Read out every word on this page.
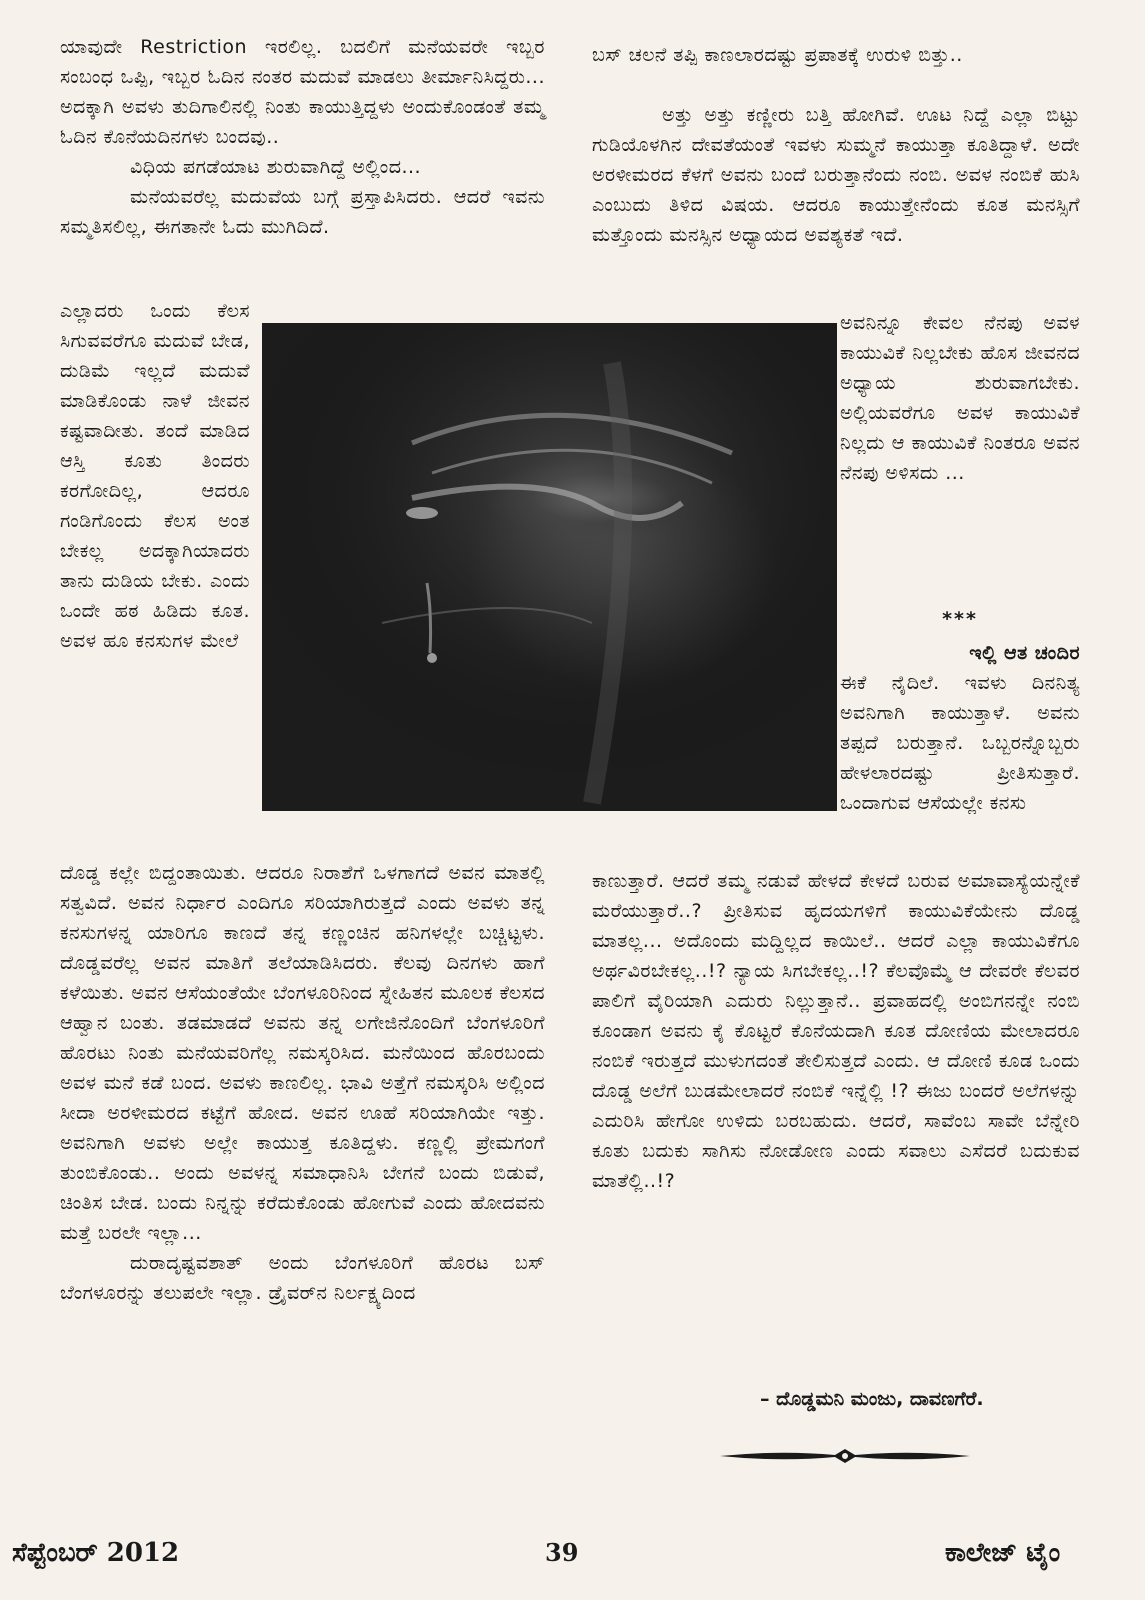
ಯಾವುದೇ Restriction ಇರಲಿಲ್ಲ. ಬದಲಿಗೆ ಮನೆಯವರೇ ಇಬ್ಬರ ಸಂಬಂಧ ಒಪ್ಪಿ, ಇಬ್ಬರ ಓದಿನ ನಂತರ ಮದುವೆ ಮಾಡಲು ತೀರ್ಮಾನಿಸಿದ್ದರು... ಅದಕ್ಕಾಗಿ ಅವಳು ತುದಿಗಾಲಿನಲ್ಲಿ ನಿಂತು ಕಾಯುತ್ತಿದ್ದಳು ಅಂದುಕೊಂಡಂತೆ ತಮ್ಮ ಓದಿನ ಕೊನೆಯದಿನಗಳು ಬಂದವು..

ವಿಧಿಯ ಪಗಡೆಯಾಟ ಶುರುವಾಗಿದ್ದೆ ಅಲ್ಲಿಂದ...

ಮನೆಯವರೆಲ್ಲ ಮದುವೆಯ ಬಗ್ಗೆ ಪ್ರಸ್ತಾಪಿಸಿದರು. ಆದರೆ ಇವನು ಸಮ್ಮತಿಸಲಿಲ್ಲ, ಈಗತಾನೇ ಓದು ಮುಗಿದಿದೆ.

ಎಲ್ಲಾದರು ಒಂದು ಕೆಲಸ ಸಿಗುವವರೆಗೂ ಮದುವೆ ಬೇಡ, ದುಡಿಮೆ ಇಲ್ಲದೆ ಮದುವೆ ಮಾಡಿಕೊಂಡು ನಾಳೆ ಜೀವನ ಕಷ್ಟವಾದೀತು. ತಂದೆ ಮಾಡಿದ ಆಸ್ತಿ ಕೂತು ತಿಂದರು ಕರಗೋದಿಲ್ಲ, ಆದರೂ ಗಂಡಿಗೊಂದು ಕೆಲಸ ಅಂತ ಬೇಕಲ್ಲ ಅದಕ್ಕಾಗಿಯಾದರು ತಾನು ದುಡಿಯ ಬೇಕು. ಎಂದು ಒಂದೇ ಹಠ ಹಿಡಿದು ಕೂತ. ಅವಳ ಹೂ ಕನಸುಗಳ ಮೇಲೆ

ದೊಡ್ಡ ಕಲ್ಲೇ ಬಿದ್ದಂತಾಯಿತು. ಆದರೂ ನಿರಾಶೆಗೆ ಒಳಗಾಗದೆ ಅವನ ಮಾತಲ್ಲಿ ಸತ್ವವಿದೆ. ಅವನ ನಿರ್ಧಾರ ಎಂದಿಗೂ ಸರಿಯಾಗಿರುತ್ತದೆ ಎಂದು ಅವಳು ತನ್ನ ಕನಸುಗಳನ್ನ ಯಾರಿಗೂ ಕಾಣದೆ ತನ್ನ ಕಣ್ಣಂಚಿನ ಹನಿಗಳಲ್ಲೇ ಬಚ್ಚಿಟ್ಟಳು. ದೊಡ್ಡವರೆಲ್ಲ ಅವನ ಮಾತಿಗೆ ತಲೆಯಾಡಿಸಿದರು. ಕೆಲವು ದಿನಗಳು ಹಾಗೆ ಕಳೆಯಿತು. ಅವನ ಆಸೆಯಂತೆಯೇ ಬೆಂಗಳೂರಿನಿಂದ ಸ್ನೇಹಿತನ ಮೂಲಕ ಕೆಲಸದ ಆಹ್ವಾನ ಬಂತು. ತಡಮಾಡದೆ ಅವನು ತನ್ನ ಲಗೇಜಿನೊಂದಿಗೆ ಬೆಂಗಳೂರಿಗೆ ಹೊರಟು ನಿಂತು ಮನೆಯವರಿಗೆಲ್ಲ ನಮಸ್ಕರಿಸಿದ. ಮನೆಯಿಂದ ಹೊರಬಂದು ಅವಳ ಮನೆ ಕಡೆ ಬಂದ. ಅವಳು ಕಾಣಲಿಲ್ಲ. ಭಾವಿ ಅತ್ತೆಗೆ ನಮಸ್ಕರಿಸಿ ಅಲ್ಲಿಂದ ಸೀದಾ ಅರಳೀಮರದ ಕಟ್ಟೆಗೆ ಹೋದ. ಅವನ ಊಹೆ ಸರಿಯಾಗಿಯೇ ಇತ್ತು. ಅವನಿಗಾಗಿ ಅವಳು ಅಲ್ಲೇ ಕಾಯುತ್ತ ಕೂತಿದ್ದಳು. ಕಣ್ಣಲ್ಲಿ ಪ್ರೇಮಗಂಗೆ ತುಂಬಿಕೊಂಡು.. ಅಂದು ಅವಳನ್ನ ಸಮಾಧಾನಿಸಿ ಬೇಗನೆ ಬಂದು ಬಿಡುವೆ, ಚಿಂತಿಸ ಬೇಡ. ಬಂದು ನಿನ್ನನ್ನು ಕರೆದುಕೊಂಡು ಹೋಗುವೆ ಎಂದು ಹೋದವನು ಮತ್ತೆ ಬರಲೇ ಇಲ್ಲಾ...

ದುರಾದೃಷ್ಟವಶಾತ್ ಅಂದು ಬೆಂಗಳೂರಿಗೆ ಹೊರಟ ಬಸ್ ಬೆಂಗಳೂರನ್ನು ತಲುಪಲೇ ಇಲ್ಲಾ. ಡ್ರೈವರ್‌ನ ನಿರ್ಲಕ್ಷ್ಯದಿಂದ

ಬಸ್ ಚಲನೆ ತಪ್ಪಿ ಕಾಣಲಾರದಷ್ಟು ಪ್ರಪಾತಕ್ಕೆ ಉರುಳಿ ಬಿತ್ತು..

ಅತ್ತು ಅತ್ತು ಕಣ್ಣೀರು ಬತ್ತಿ ಹೋಗಿವೆ. ಊಟ ನಿದ್ದೆ ಎಲ್ಲಾ ಬಿಟ್ಟು ಗುಡಿಯೊಳಗಿನ ದೇವತೆಯಂತೆ ಇವಳು ಸುಮ್ಮನೆ ಕಾಯುತ್ತಾ ಕೂತಿದ್ದಾಳೆ. ಅದೇ ಅರಳೀಮರದ ಕೆಳಗೆ ಅವನು ಬಂದೆ ಬರುತ್ತಾನೆಂದು ನಂಬಿ. ಅವಳ ನಂಬಿಕೆ ಹುಸಿ ಎಂಬುದು ತಿಳಿದ ವಿಷಯ. ಆದರೂ ಕಾಯುತ್ತೇನೆಂದು ಕೂತ ಮನಸ್ಸಿಗೆ ಮತ್ತೊಂದು ಮನಸ್ಸಿನ ಅಧ್ಯಾಯದ ಅವಶ್ಯಕತೆ ಇದೆ.

ಅವನಿನ್ನೂ ಕೇವಲ ನೆನಪು ಅವಳ ಕಾಯುವಿಕೆ ನಿಲ್ಲಬೇಕು ಹೊಸ ಜೀವನದ ಅಧ್ಯಾಯ ಶುರುವಾಗಬೇಕು. ಅಲ್ಲಿಯವರೆಗೂ ಅವಳ ಕಾಯುವಿಕೆ ನಿಲ್ಲದು ಆ ಕಾಯುವಿಕೆ ನಿಂತರೂ ಅವನ ನೆನಪು ಅಳಿಸದು ...

***

ಇಲ್ಲಿ ಆತ ಚಂದಿರ

ಈಕೆ ನೈದಿಲೆ. ಇವಳು ದಿನನಿತ್ಯ ಅವನಿಗಾಗಿ ಕಾಯುತ್ತಾಳೆ. ಅವನು ತಪ್ಪದೆ ಬರುತ್ತಾನೆ. ಒಬ್ಬರನ್ನೊಬ್ಬರು ಹೇಳಲಾರದಷ್ಟು ಪ್ರೀತಿಸುತ್ತಾರೆ. ಒಂದಾಗುವ ಆಸೆಯಲ್ಲೇ ಕನಸು

ಕಾಣುತ್ತಾರೆ. ಆದರೆ ತಮ್ಮ ನಡುವೆ ಹೇಳದೆ ಕೇಳದೆ ಬರುವ ಅಮಾವಾಸ್ಯೆಯನ್ನೇಕೆ ಮರೆಯುತ್ತಾರೆ..? ಪ್ರೀತಿಸುವ ಹೃದಯಗಳಿಗೆ ಕಾಯುವಿಕೆಯೇನು ದೊಡ್ಡ ಮಾತಲ್ಲ... ಅದೊಂದು ಮದ್ದಿಲ್ಲದ ಕಾಯಿಲೆ.. ಆದರೆ ಎಲ್ಲಾ ಕಾಯುವಿಕೆಗೂ ಅರ್ಥವಿರಬೇಕಲ್ಲ..!? ನ್ಯಾಯ ಸಿಗಬೇಕಲ್ಲ..!? ಕೆಲವೊಮ್ಮೆ ಆ ದೇವರೇ ಕೆಲವರ ಪಾಲಿಗೆ ವೈರಿಯಾಗಿ ಎದುರು ನಿಲ್ಲುತ್ತಾನೆ.. ಪ್ರವಾಹದಲ್ಲಿ ಅಂಬಿಗನನ್ನೇ ನಂಬಿ ಕೂಂಡಾಗ ಅವನು ಕೈ ಕೊಟ್ಟರೆ ಕೊನೆಯದಾಗಿ ಕೂತ ದೋಣಿಯ ಮೇಲಾದರೂ ನಂಬಿಕೆ ಇರುತ್ತದೆ ಮುಳುಗದಂತೆ ತೇಲಿಸುತ್ತದೆ ಎಂದು. ಆ ದೋಣಿ ಕೂಡ ಒಂದು ದೊಡ್ಡ ಅಲೆಗೆ ಬುಡಮೇಲಾದರೆ ನಂಬಿಕೆ ಇನ್ನೆಲ್ಲಿ !? ಈಜು ಬಂದರೆ ಅಲೆಗಳನ್ನು ಎದುರಿಸಿ ಹೇಗೋ ಉಳಿದು ಬರಬಹುದು. ಆದರೆ, ಸಾವೆಂಬ ಸಾವೇ ಬೆನ್ನೇರಿ ಕೂತು ಬದುಕು ಸಾಗಿಸು ನೋಡೋಣ ಎಂದು ಸವಾಲು ಎಸೆದರೆ ಬದುಕುವ ಮಾತೆಲ್ಲಿ..!?

– ದೊಡ್ಡಮನಿ ಮಂಜು, ದಾವಣಗೆರೆ.
ಸೆಪ್ಟೆಂಬರ್ 2012	39	ಕಾಲೇಜ್ ಟೈಂ
